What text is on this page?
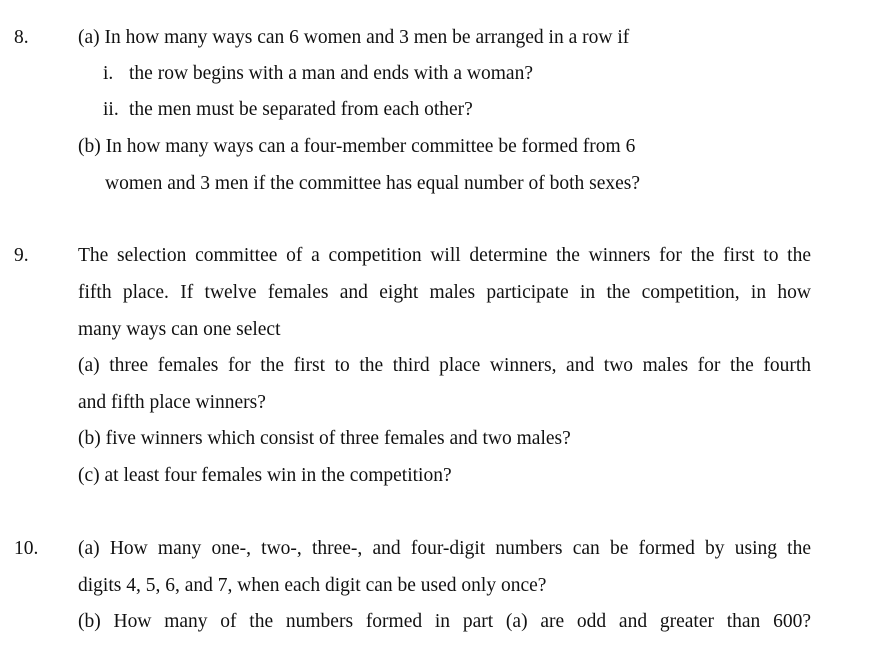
8.	(a) In how many ways can 6 women and 3 men be arranged in a row if
i. the row begins with a man and ends with a woman?
ii. the men must be separated from each other?
(b) In how many ways can a four-member committee be formed from 6
women and 3 men if the committee has equal number of both sexes?
9.	The selection committee of a competition will determine the winners for the first to the
fifth place. If twelve females and eight males participate in the competition, in how
many ways can one select
(a) three females for the first to the third place winners, and two males for the fourth
and fifth place winners?
(b) five winners which consist of three females and two males?
(c) at least four females win in the competition?
10. (a) How many one-, two-, three-, and four-digit numbers can be formed by using the
digits 4, 5, 6, and 7, when each digit can be used only once?
(b) How many of the numbers formed in part (a) are odd and greater than 600?
